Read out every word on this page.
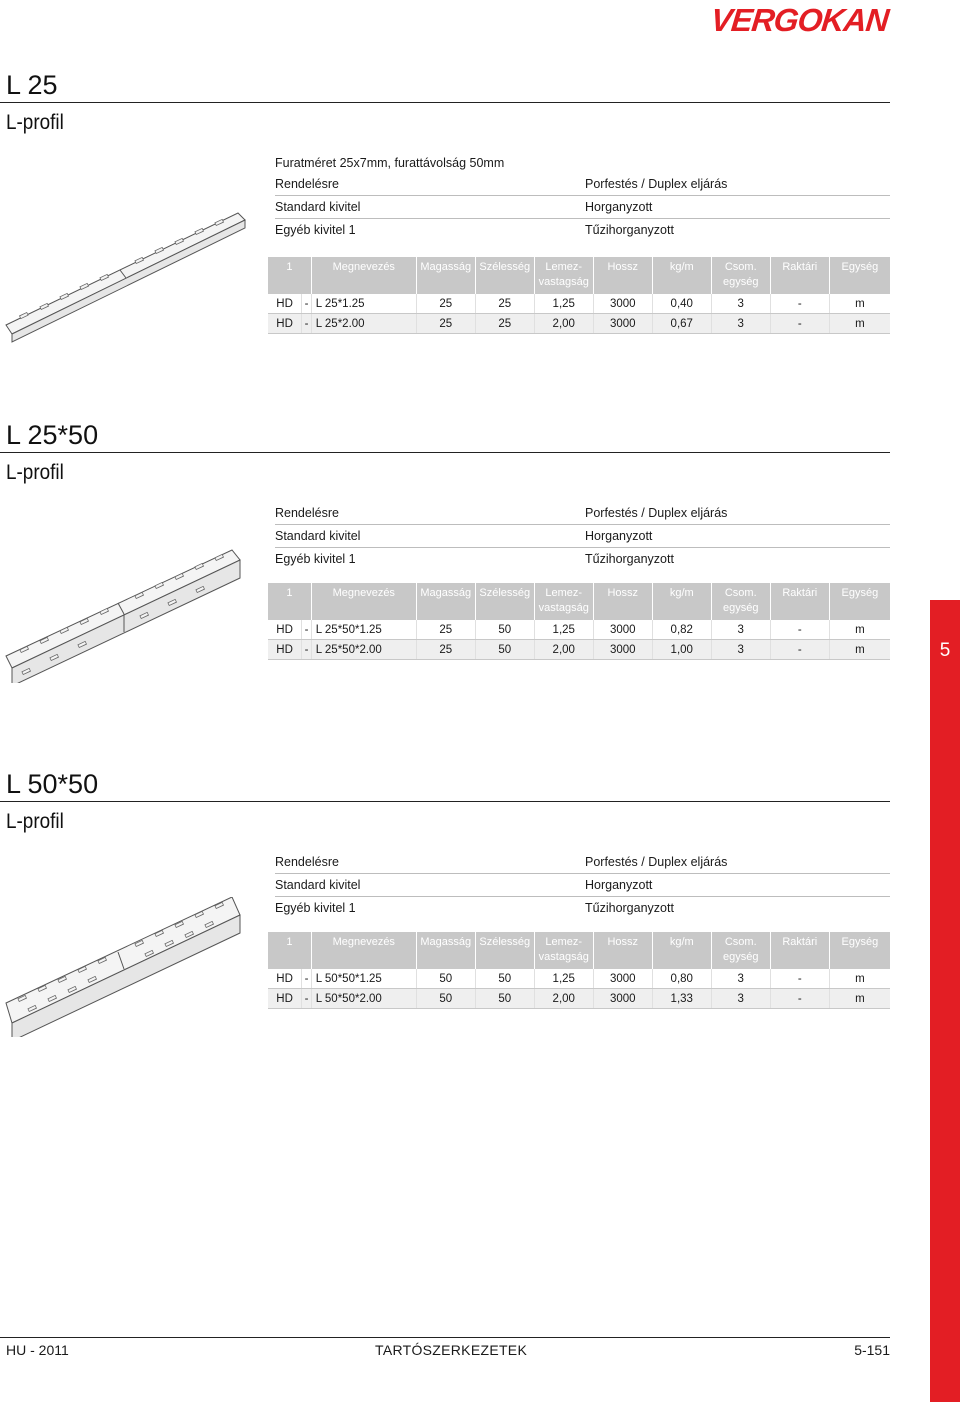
VERGOKAN
5
L 25
L-profil
Furatméret 25x7mm, furattávolság 50mm
Rendelésre	Porfestés / Duplex eljárás
Standard kivitel	Horganyzott
Egyéb kivitel 1	Tűzihorganyzott
1		Megnevezés	Magasság	Szélesség	Lemez-
vastagság	Hossz	kg/m	Csom.
egység	Raktári	Egység
HD	-	L 25*1.25	25	25	1,25	3000	0,40	3	-	m
HD	-	L 25*2.00	25	25	2,00	3000	0,67	3	-	m
L 25*50
L-profil
Rendelésre	Porfestés / Duplex eljárás
Standard kivitel	Horganyzott
Egyéb kivitel 1	Tűzihorganyzott
1		Megnevezés	Magasság	Szélesség	Lemez-
vastagság	Hossz	kg/m	Csom.
egység	Raktári	Egység
HD	-	L 25*50*1.25	25	50	1,25	3000	0,82	3	-	m
HD	-	L 25*50*2.00	25	50	2,00	3000	1,00	3	-	m
L 50*50
L-profil
Rendelésre	Porfestés / Duplex eljárás
Standard kivitel	Horganyzott
Egyéb kivitel 1	Tűzihorganyzott
1		Megnevezés	Magasság	Szélesség	Lemez-
vastagság	Hossz	kg/m	Csom.
egység	Raktári	Egység
HD	-	L 50*50*1.25	50	50	1,25	3000	0,80	3	-	m
HD	-	L 50*50*2.00	50	50	2,00	3000	1,33	3	-	m
HU - 2011	TARTÓSZERKEZETEK	5-151
